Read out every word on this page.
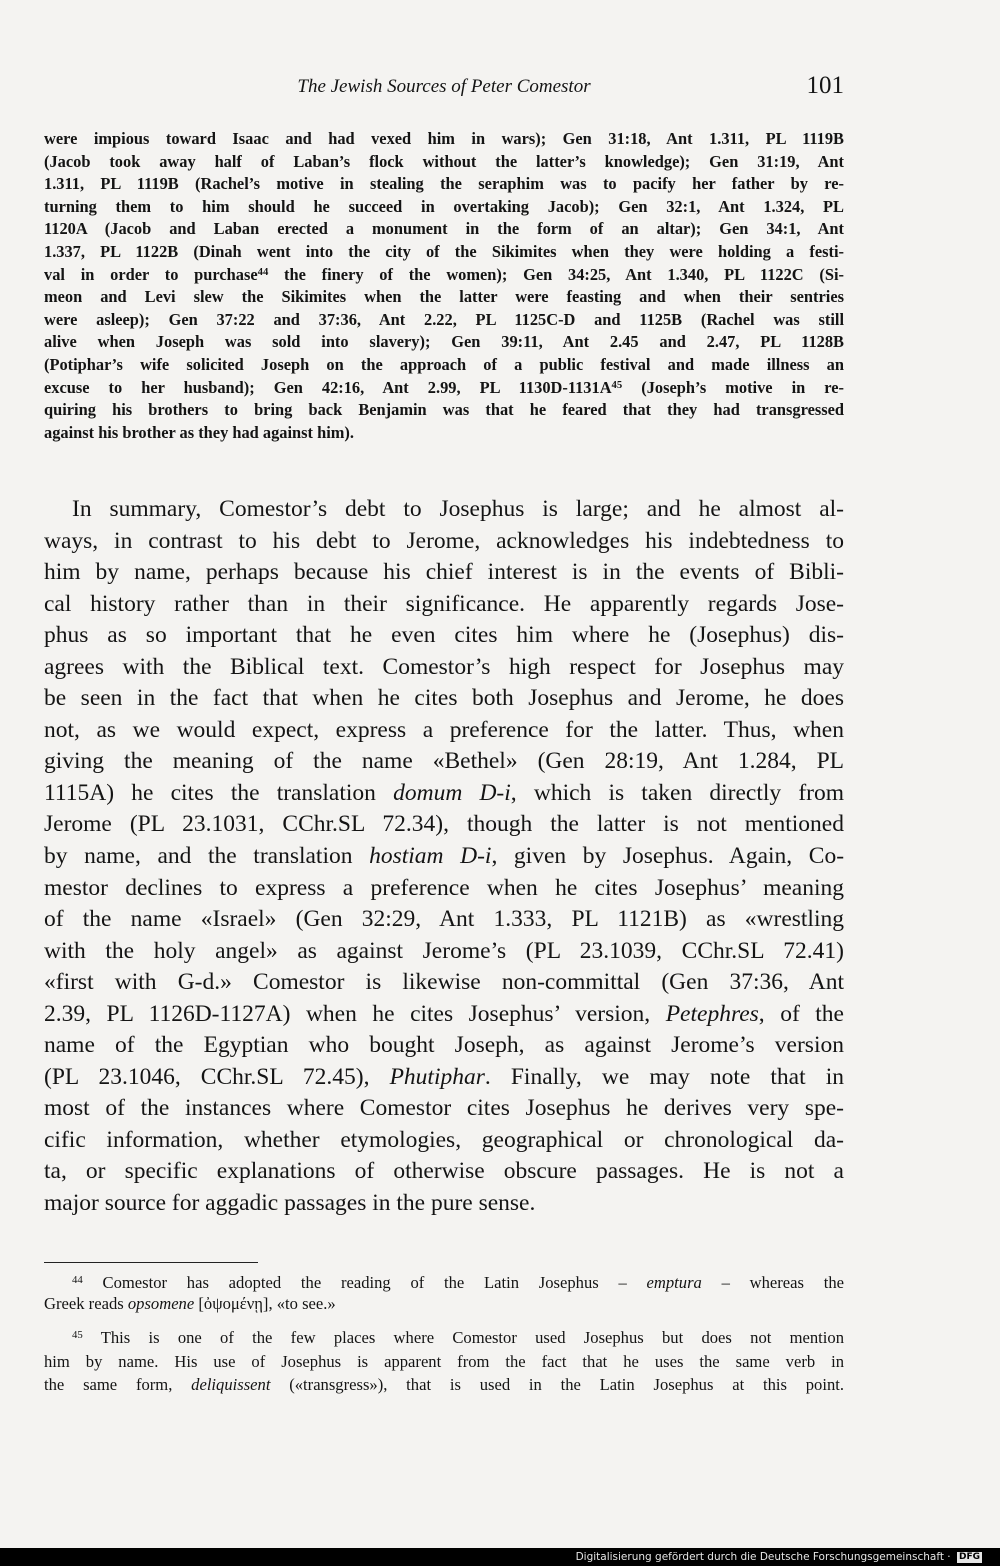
The Jewish Sources of Peter Comestor	101
were impious toward Isaac and had vexed him in wars); Gen 31:18, Ant 1.311, PL 1119B
(Jacob took away half of Laban’s flock without the latter’s knowledge); Gen 31:19, Ant
1.311, PL 1119B (Rachel’s motive in stealing the seraphim was to pacify her father by re-
turning them to him should he succeed in overtaking Jacob); Gen 32:1, Ant 1.324, PL
1120A (Jacob and Laban erected a monument in the form of an altar); Gen 34:1, Ant
1.337, PL 1122B (Dinah went into the city of the Sikimites when they were holding a festi-
val in order to purchase$^{44}$ the finery of the women); Gen 34:25, Ant 1.340, PL 1122C (Si-
meon and Levi slew the Sikimites when the latter were feasting and when their sentries
were asleep); Gen 37:22 and 37:36, Ant 2.22, PL 1125C-D and 1125B (Rachel was still
alive when Joseph was sold into slavery); Gen 39:11, Ant 2.45 and 2.47, PL 1128B
(Potiphar’s wife solicited Joseph on the approach of a public festival and made illness an
excuse to her husband); Gen 42:16, Ant 2.99, PL $1130D-1131A^{45}$ (Joseph’s motive in re-
quiring his brothers to bring back Benjamin was that he feared that they had transgressed
against his brother as they had against him).
In summary, Comestor’s debt to Josephus is large; and he almost al-
ways, in contrast to his debt to Jerome, acknowledges his indebtedness to
him by name, perhaps because his chief interest is in the events of Bibli-
cal history rather than in their significance. He apparently regards Jose-
phus as so important that he even cites him where he (Josephus) dis-
agrees with the Biblical text. Comestor’s high respect for Josephus may
be seen in the fact that when he cites both Josephus and Jerome, he does
not, as we would expect, express a preference for the latter. Thus, when
giving the meaning of the name «Bethel» (Gen 28:19, Ant 1.284, PL
1115A) he cites the translation domum D-i, which is taken directly from
Jerome (PL 23.1031, CChr.SL 72.34), though the latter is not mentioned
by name, and the translation hostiam D-i, given by Josephus. Again, Co-
mestor declines to express a preference when he cites Josephus’ meaning
of the name «Israel» (Gen 32:29, Ant 1.333, PL 1121B) as «wrestling
with the holy angel» as against Jerome’s (PL 23.1039, CChr.SL 72.41)
«first with G-d.» Comestor is likewise non-committal (Gen 37:36, Ant
2.39, PL 1126D-1127A) when he cites Josephus’ version, Petephres, of the
name of the Egyptian who bought Joseph, as against Jerome’s version
(PL 23.1046, CChr.SL 72.45), Phutiphar. Finally, we may note that in
most of the instances where Comestor cites Josephus he derives very spe-
cific information, whether etymologies, geographical or chronological da-
ta, or specific explanations of otherwise obscure passages. He is not a
major source for aggadic passages in the pure sense.
$^{44}$ Comestor has adopted the reading of the Latin Josephus – emptura – whereas the
Greek reads opsomene [ὀψομένῃ], «to see.»
$^{45}$ This is one of the few places where Comestor used Josephus but does not mention
him by name. His use of Josephus is apparent from the fact that he uses the same verb in
the same form, deliquissent («transgress»), that is used in the Latin Josephus at this point.
Digitalisierung gefördert durch die Deutsche Forschungsgemeinschaft · DFG
